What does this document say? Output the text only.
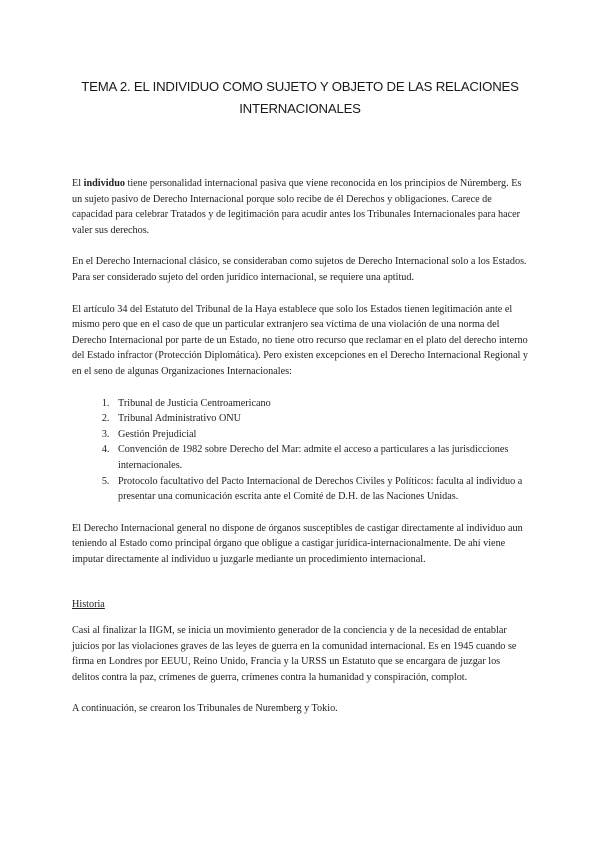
TEMA 2. EL INDIVIDUO COMO SUJETO Y OBJETO DE LAS RELACIONES
INTERNACIONALES

El individuo tiene personalidad internacional pasiva que viene reconocida en los principios de Núremberg. Es un sujeto pasivo de Derecho Internacional porque solo recibe de él Derechos y obligaciones. Carece de capacidad para celebrar Tratados y de legitimación para acudir antes los Tribunales Internacionales para hacer valer sus derechos.

En el Derecho Internacional clásico, se consideraban como sujetos de Derecho Internacional solo a los Estados. Para ser considerado sujeto del orden jurídico internacional, se requiere una aptitud.

El artículo 34 del Estatuto del Tribunal de la Haya establece que solo los Estados tienen legitimación ante el mismo pero que en el caso de que un particular extranjero sea víctima de una violación de una norma del Derecho Internacional por parte de un Estado, no tiene otro recurso que reclamar en el plato del derecho interno del Estado infractor (Protección Diplomática). Pero existen excepciones en el Derecho Internacional Regional y en el seno de algunas Organizaciones Internacionales:

1. Tribunal de Justicia Centroamericano
2. Tribunal Administrativo ONU
3. Gestión Prejudicial
4. Convención de 1982 sobre Derecho del Mar: admite el acceso a particulares a las jurisdicciones internacionales.
5. Protocolo facultativo del Pacto Internacional de Derechos Civiles y Políticos: faculta al individuo a presentar una comunicación escrita ante el Comité de D.H. de las Naciones Unidas.

El Derecho Internacional general no dispone de órganos susceptibles de castigar directamente al individuo aun teniendo al Estado como principal órgano que obligue a castigar jurídica-internacionalmente. De ahí viene imputar directamente al individuo u juzgarle mediante un procedimiento internacional.

Historia

Casi al finalizar la IIGM, se inicia un movimiento generador de la conciencia y de la necesidad de entablar juicios por las violaciones graves de las leyes de guerra en la comunidad internacional. Es en 1945 cuando se firma en Londres por EEUU, Reino Unido, Francia y la URSS un Estatuto que se encargara de juzgar los delitos contra la paz, crímenes de guerra, crímenes contra la humanidad y conspiración, complot.

A continuación, se crearon los Tribunales de Nuremberg y Tokio.
